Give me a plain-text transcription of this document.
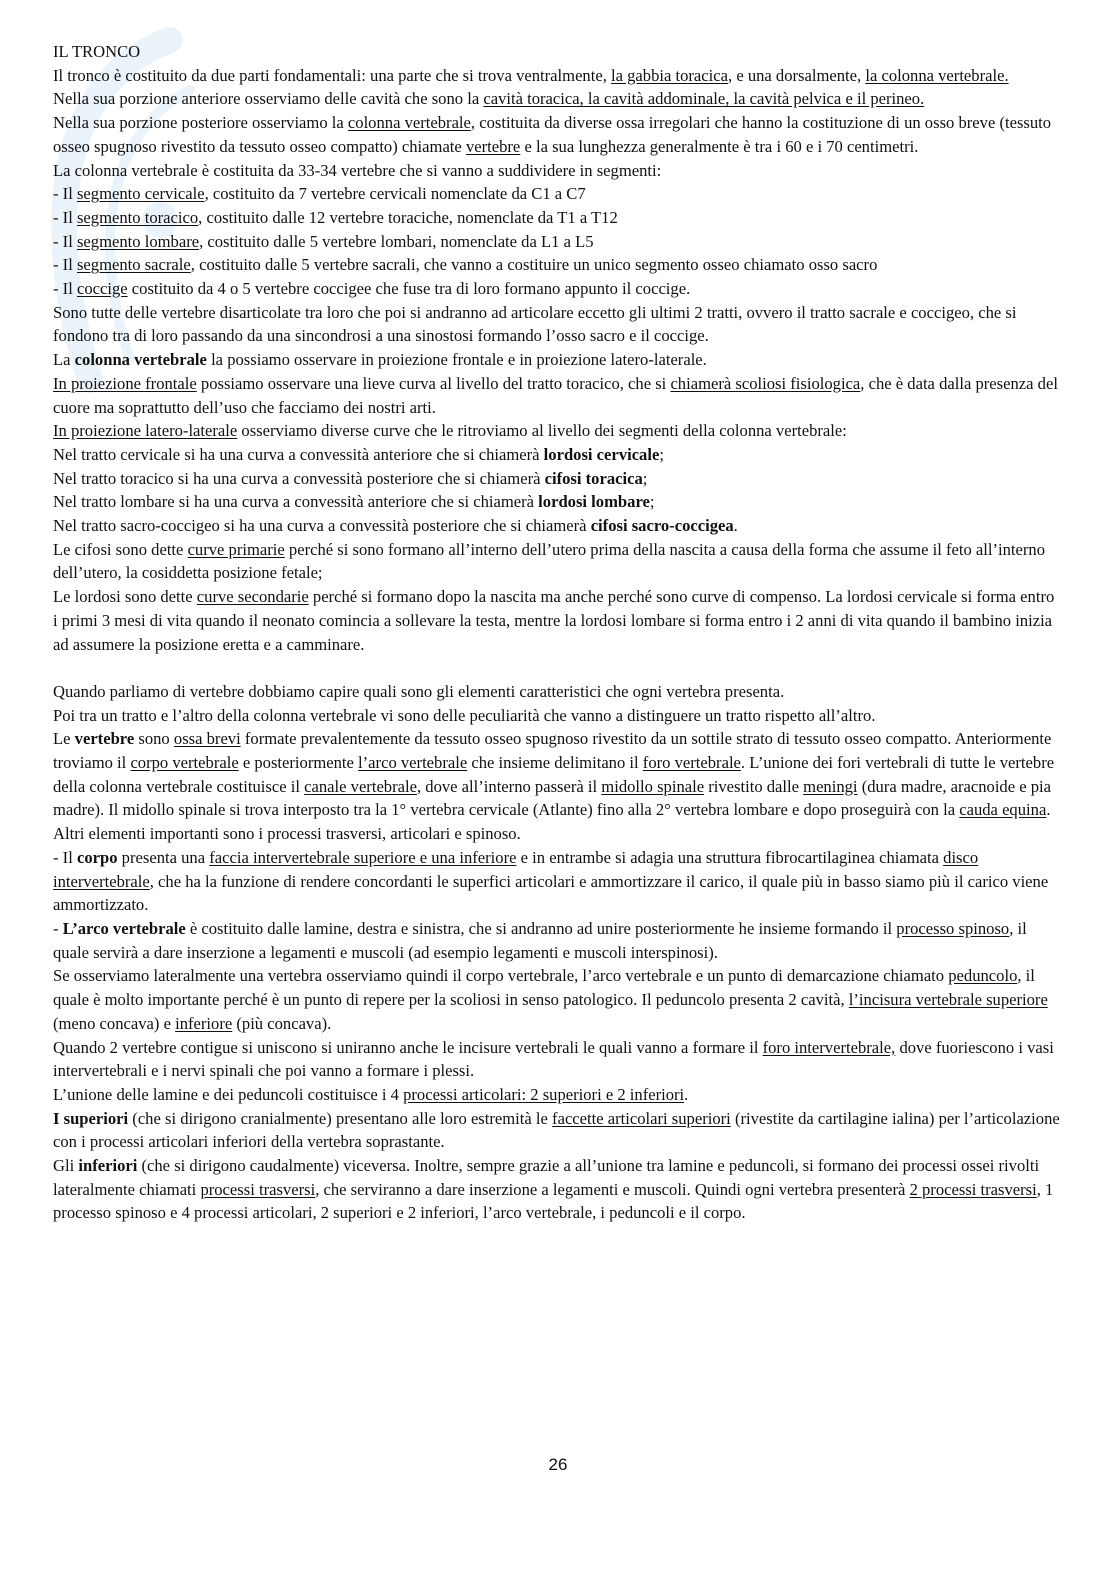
IL TRONCO

Il tronco è costituito da due parti fondamentali: una parte che si trova ventralmente, la gabbia toracica, e una dorsalmente, la colonna vertebrale.

Nella sua porzione anteriore osserviamo delle cavità che sono la cavità toracica, la cavità addominale, la cavità pelvica e il perineo.

Nella sua porzione posteriore osserviamo la colonna vertebrale, costituita da diverse ossa irregolari che hanno la costituzione di un osso breve (tessuto osseo spugnoso rivestito da tessuto osseo compatto) chiamate vertebre e la sua lunghezza generalmente è tra i 60 e i 70 centimetri.

La colonna vertebrale è costituita da 33-34 vertebre che si vanno a suddividere in segmenti:

- Il segmento cervicale, costituito da 7 vertebre cervicali nomenclate da C1 a C7

- Il segmento toracico, costituito dalle 12 vertebre toraciche, nomenclate da T1 a T12

- Il segmento lombare, costituito dalle 5 vertebre lombari, nomenclate da L1 a L5

- Il segmento sacrale, costituito dalle 5 vertebre sacrali, che vanno a costituire un unico segmento osseo chiamato osso sacro

- Il coccige costituito da 4 o 5 vertebre coccigee che fuse tra di loro formano appunto il coccige.

Sono tutte delle vertebre disarticolate tra loro che poi si andranno ad articolare eccetto gli ultimi 2 tratti, ovvero il tratto sacrale e coccigeo, che si fondono tra di loro passando da una sincondrosi a una sinostosi formando l’osso sacro e il coccige.

La colonna vertebrale la possiamo osservare in proiezione frontale e in proiezione latero-laterale.

In proiezione frontale possiamo osservare una lieve curva al livello del tratto toracico, che si chiamerà scoliosi fisiologica, che è data dalla presenza del cuore ma soprattutto dell’uso che facciamo dei nostri arti.

In proiezione latero-laterale osserviamo diverse curve che le ritroviamo al livello dei segmenti della colonna vertebrale:

Nel tratto cervicale si ha una curva a convessità anteriore che si chiamerà lordosi cervicale;

Nel tratto toracico si ha una curva a convessità posteriore che si chiamerà cifosi toracica;

Nel tratto lombare si ha una curva a convessità anteriore che si chiamerà lordosi lombare;

Nel tratto sacro-coccigeo si ha una curva a convessità posteriore che si chiamerà cifosi sacro-coccigea.

Le cifosi sono dette curve primarie perché si sono formano all’interno dell’utero prima della nascita a causa della forma che assume il feto all’interno dell’utero, la cosiddetta posizione fetale;

Le lordosi sono dette curve secondarie perché si formano dopo la nascita ma anche perché sono curve di compenso. La lordosi cervicale si forma entro i primi 3 mesi di vita quando il neonato comincia a sollevare la testa, mentre la lordosi lombare si forma entro i 2 anni di vita quando il bambino inizia ad assumere la posizione eretta e a camminare.

Quando parliamo di vertebre dobbiamo capire quali sono gli elementi caratteristici che ogni vertebra presenta.

Poi tra un tratto e l’altro della colonna vertebrale vi sono delle peculiarità che vanno a distinguere un tratto rispetto all’altro.

Le vertebre sono ossa brevi formate prevalentemente da tessuto osseo spugnoso rivestito da un sottile strato di tessuto osseo compatto. Anteriormente troviamo il corpo vertebrale e posteriormente l’arco vertebrale che insieme delimitano il foro vertebrale. L’unione dei fori vertebrali di tutte le vertebre della colonna vertebrale costituisce il canale vertebrale, dove all’interno passerà il midollo spinale rivestito dalle meningi (dura madre, aracnoide e pia madre). Il midollo spinale si trova interposto tra la 1° vertebra cervicale (Atlante) fino alla 2° vertebra lombare e dopo proseguirà con la cauda equina. Altri elementi importanti sono i processi trasversi, articolari e spinoso.

- Il corpo presenta una faccia intervertebrale superiore e una inferiore e in entrambe si adagia una struttura fibrocartilaginea chiamata disco intervertebrale, che ha la funzione di rendere concordanti le superfici articolari e ammortizzare il carico, il quale più in basso siamo più il carico viene ammortizzato.

- L’arco vertebrale è costituito dalle lamine, destra e sinistra, che si andranno ad unire posteriormente he insieme formando il processo spinoso, il quale servirà a dare inserzione a legamenti e muscoli (ad esempio legamenti e muscoli interspinosi).

Se osserviamo lateralmente una vertebra osserviamo quindi il corpo vertebrale, l’arco vertebrale e un punto di demarcazione chiamato peduncolo, il quale è molto importante perché è un punto di repere per la scoliosi in senso patologico. Il peduncolo presenta 2 cavità, l’incisura vertebrale superiore (meno concava) e inferiore (più concava).

Quando 2 vertebre contigue si uniscono si uniranno anche le incisure vertebrali le quali vanno a formare il foro intervertebrale, dove fuoriescono i vasi intervertebrali e i nervi spinali che poi vanno a formare i plessi.

L’unione delle lamine e dei peduncoli costituisce i 4 processi articolari: 2 superiori e 2 inferiori.

I superiori (che si dirigono cranialmente) presentano alle loro estremità le faccette articolari superiori (rivestite da cartilagine ialina) per l’articolazione con i processi articolari inferiori della vertebra soprastante.

Gli inferiori (che si dirigono caudalmente) viceversa. Inoltre, sempre grazie a all’unione tra lamine e peduncoli, si formano dei processi ossei rivolti lateralmente chiamati processi trasversi, che serviranno a dare inserzione a legamenti e muscoli. Quindi ogni vertebra presenterà 2 processi trasversi, 1 processo spinoso e 4 processi articolari, 2 superiori e 2 inferiori, l’arco vertebrale, i peduncoli e il corpo.

26
